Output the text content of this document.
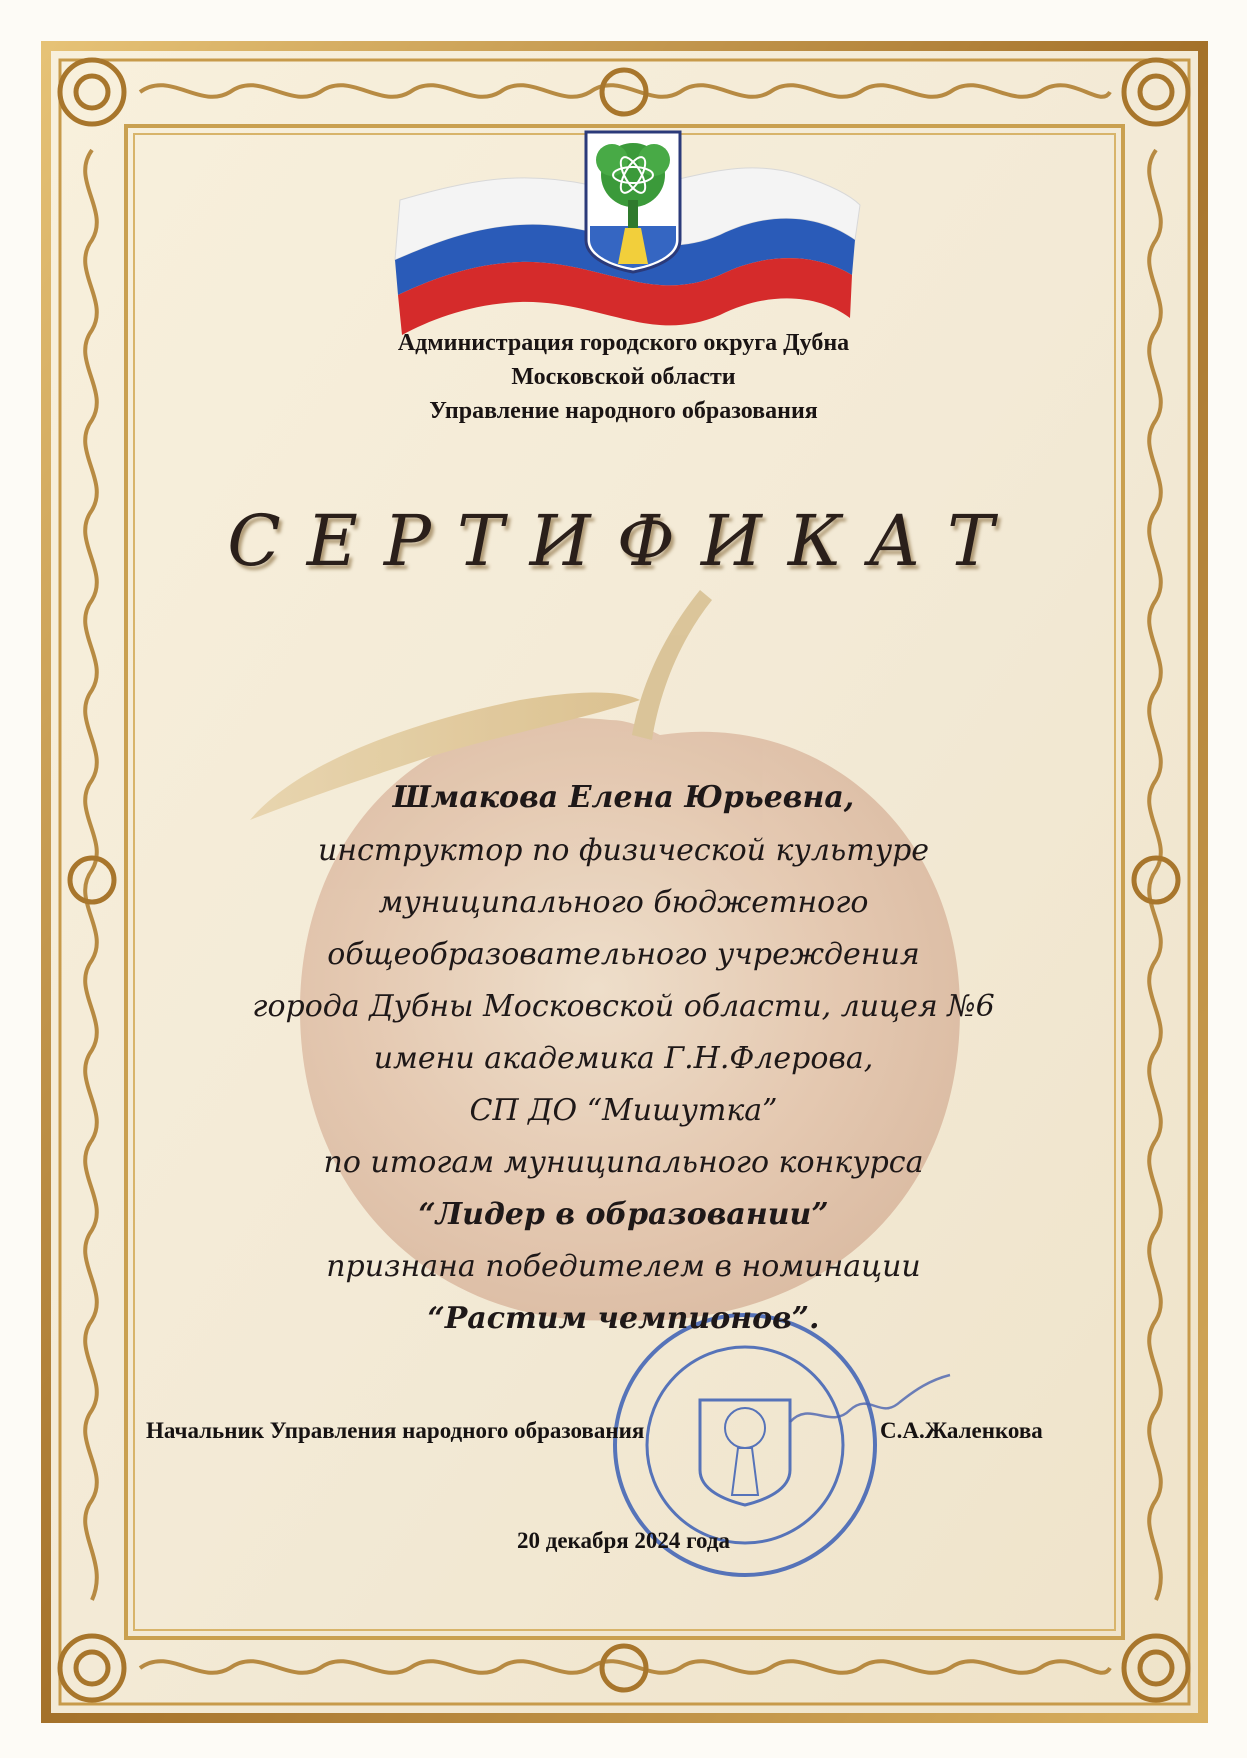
Администрация городского округа Дубна
Московской области
Управление народного образования
СЕРТИФИКАТ
Шмакова Елена Юрьевна,
инструктор по физической культуре
муниципального бюджетного
общеобразовательного учреждения
города Дубны Московской области, лицея №6
имени академика Г.Н.Флерова,
СП ДО “Мишутка”
по итогам муниципального конкурса
“Лидер в образовании”
признана победителем в номинации
“Растим чемпионов”.
Начальник Управления народного образования	С.А.Жаленкова
20 декабря 2024 года
